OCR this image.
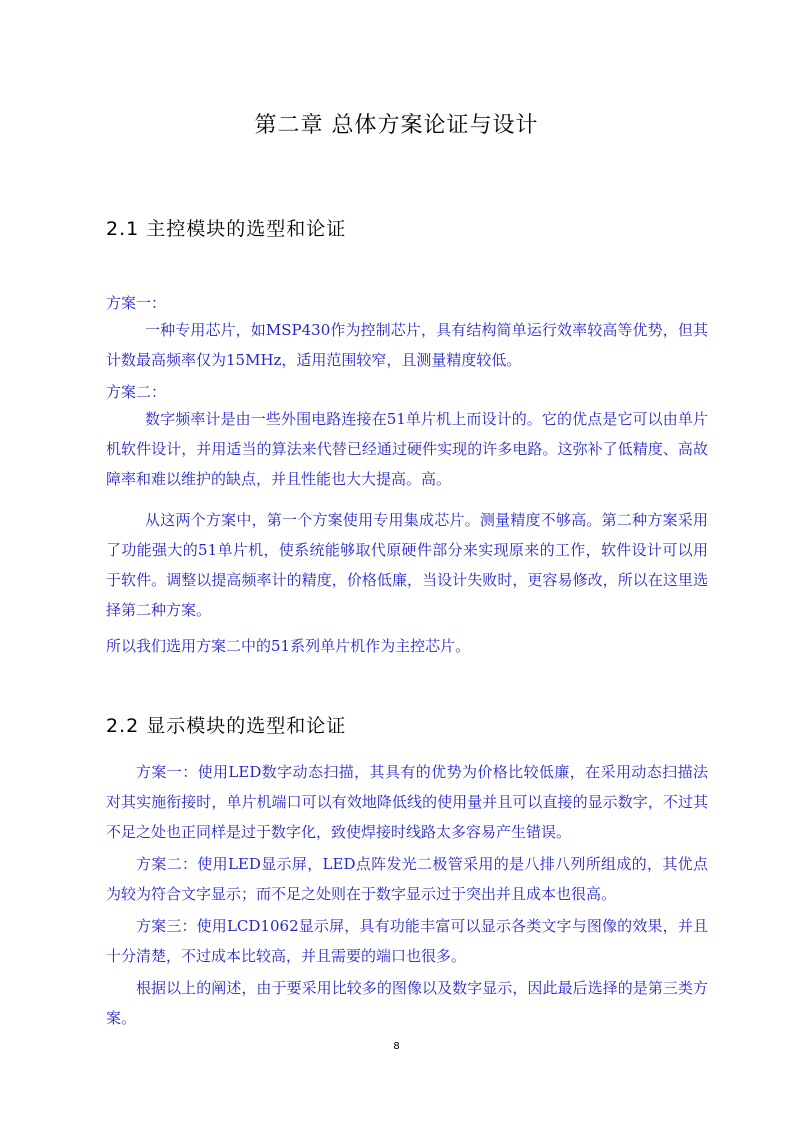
第二章 总体方案论证与设计
2.1 主控模块的选型和论证

方案一：

一种专用芯片，如MSP430作为控制芯片，具有结构简单运行效率较高等优势，但其计数最高频率仅为15MHz，适用范围较窄，且测量精度较低。

方案二：

数字频率计是由一些外围电路连接在51单片机上而设计的。它的优点是它可以由单片机软件设计，并用适当的算法来代替已经通过硬件实现的许多电路。这弥补了低精度、高故障率和难以维护的缺点，并且性能也大大提高。高。

从这两个方案中，第一个方案使用专用集成芯片。测量精度不够高。第二种方案采用了功能强大的51单片机，使系统能够取代原硬件部分来实现原来的工作，软件设计可以用于软件。调整以提高频率计的精度，价格低廉，当设计失败时，更容易修改，所以在这里选择第二种方案。

所以我们选用方案二中的51系列单片机作为主控芯片。

2.2 显示模块的选型和论证

方案一：使用LED数字动态扫描，其具有的优势为价格比较低廉，在采用动态扫描法对其实施衔接时，单片机端口可以有效地降低线的使用量并且可以直接的显示数字，不过其不足之处也正同样是过于数字化，致使焊接时线路太多容易产生错误。

方案二：使用LED显示屏，LED点阵发光二极管采用的是八排八列所组成的，其优点为较为符合文字显示；而不足之处则在于数字显示过于突出并且成本也很高。

方案三：使用LCD1062显示屏，具有功能丰富可以显示各类文字与图像的效果，并且十分清楚，不过成本比较高，并且需要的端口也很多。

根据以上的阐述，由于要采用比较多的图像以及数字显示，因此最后选择的是第三类方案。

8
